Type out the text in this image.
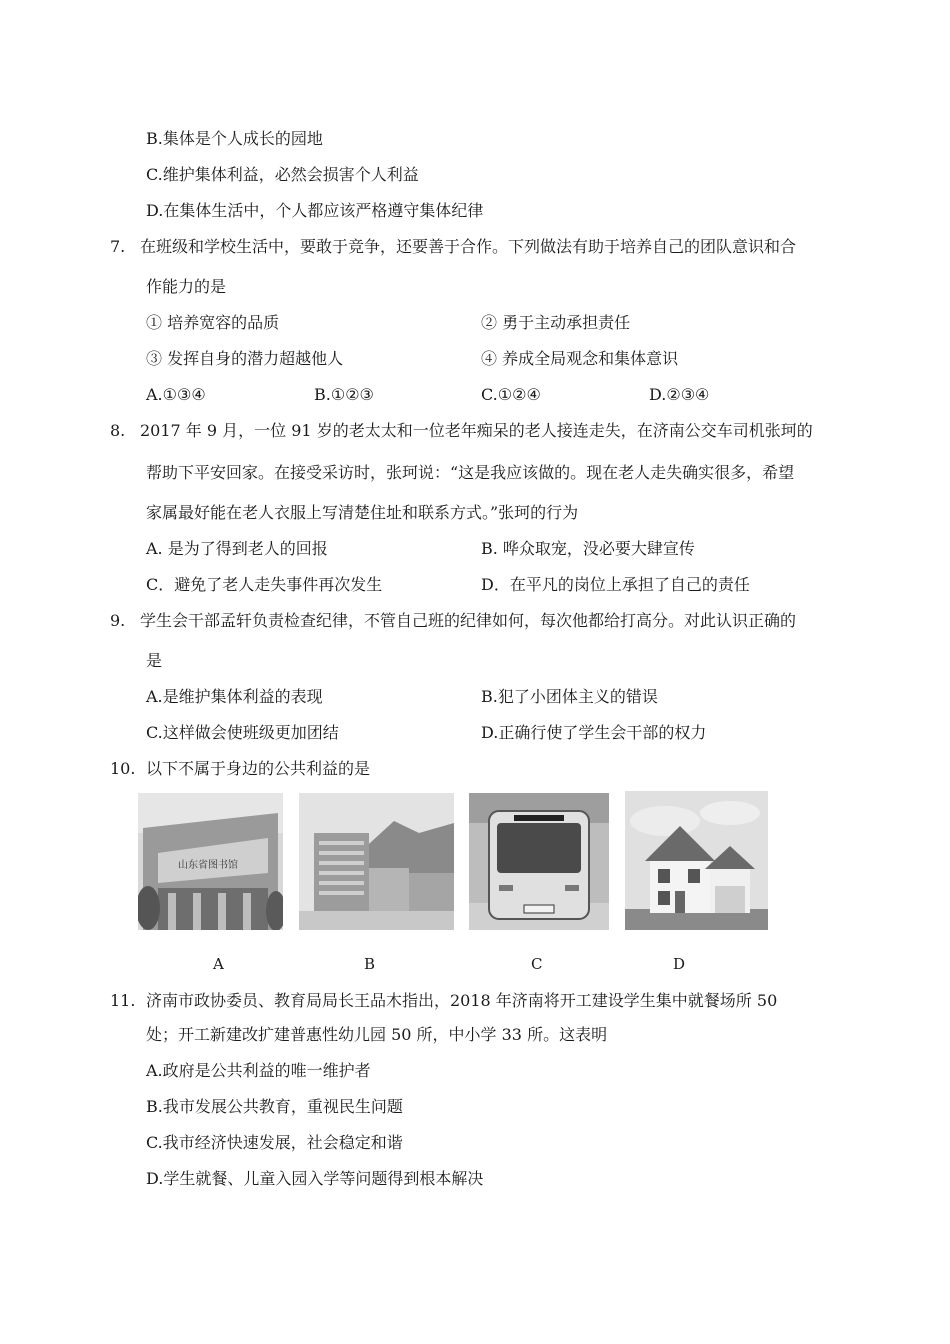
B.集体是个人成长的园地
C.维护集体利益，必然会损害个人利益
D.在集体生活中，个人都应该严格遵守集体纪律
7. 在班级和学校生活中，要敢于竞争，还要善于合作。下列做法有助于培养自己的团队意识和合
作能力的是
① 培养宽容的品质	② 勇于主动承担责任
③ 发挥自身的潜力超越他人	④ 养成全局观念和集体意识
A.①③④	B.①②③	C.①②④	D.②③④
8. 2017 年 9 月，一位 91 岁的老太太和一位老年痴呆的老人接连走失，在济南公交车司机张珂的
帮助下平安回家。在接受采访时，张珂说：“这是我应该做的。现在老人走失确实很多，希望
家属最好能在老人衣服上写清楚住址和联系方式。”张珂的行为
A. 是为了得到老人的回报	B. 哗众取宠，没必要大肆宣传
C．避免了老人走失事件再次发生	D．在平凡的岗位上承担了自己的责任
9. 学生会干部孟轩负责检查纪律，不管自己班的纪律如何，每次他都给打高分。对此认识正确的
是
A.是维护集体利益的表现	B.犯了小团体主义的错误
C.这样做会使班级更加团结	D.正确行使了学生会干部的权力
10. 以下不属于身边的公共利益的是
山东省图书馆
A	B	C	D
11. 济南市政协委员、教育局局长王品木指出，2018 年济南将开工建设学生集中就餐场所 50
处；开工新建改扩建普惠性幼儿园 50 所，中小学 33 所。这表明
A.政府是公共利益的唯一维护者
B.我市发展公共教育，重视民生问题
C.我市经济快速发展，社会稳定和谐
D.学生就餐、儿童入园入学等问题得到根本解决
